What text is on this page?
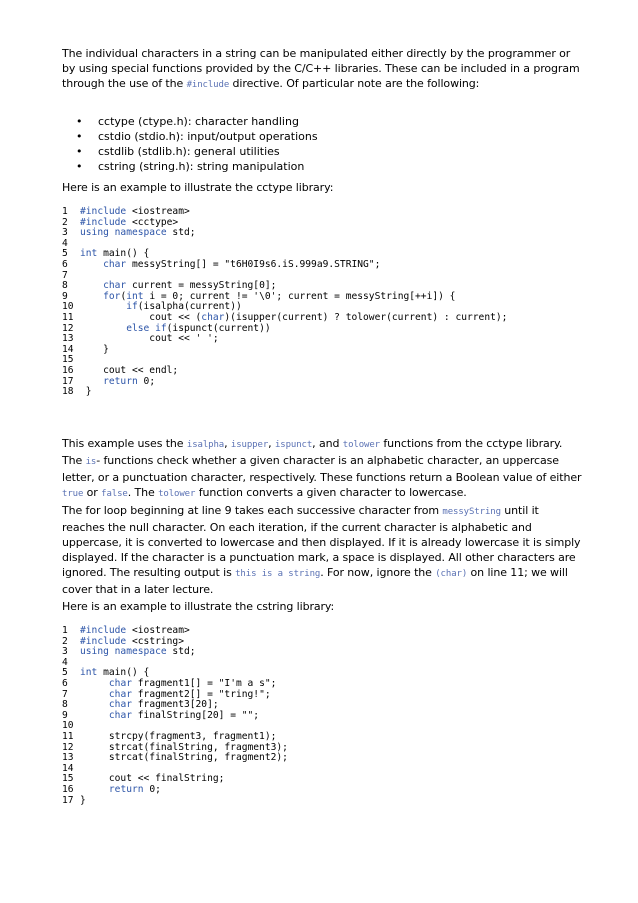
The individual characters in a string can be manipulated either directly by the programmer or by using special functions provided by the C/C++ libraries. These can be included in a program through the use of the #include directive. Of particular note are the following:

• cctype (ctype.h): character handling
• cstdio (stdio.h): input/output operations
• cstdlib (stdlib.h): general utilities
• cstring (string.h): string manipulation
Here is an example to illustrate the cctype library:
1 #include <iostream>
2 #include <cctype>
3 using namespace std;
4
5 int main() {
6	char messyString[] = "t6H0I9s6.iS.999a9.STRING";
7
8	char current = messyString[0];
9	for(int i = 0; current != '\0'; current = messyString[++i]) {
10	if(isalpha(current))
11            cout << (char)(isupper(current) ? tolower(current) : current);
12	else if(ispunct(current))
13            cout << ' ';
14    }
15
16    cout << endl;
17	return 0;
18 }

This example uses the isalpha, isupper, ispunct, and tolower functions from the cctype library. The is- functions check whether a given character is an alphabetic character, an uppercase letter, or a punctuation character, respectively. These functions return a Boolean value of either true or false. The tolower function converts a given character to lowercase.

The for loop beginning at line 9 takes each successive character from messyString until it reaches the null character. On each iteration, if the current character is alphabetic and uppercase, it is converted to lowercase and then displayed. If it is already lowercase it is simply displayed. If the character is a punctuation mark, a space is displayed. All other characters are ignored. The resulting output is this is a string. For now, ignore the (char) on line 11; we will cover that in a later lecture.

Here is an example to illustrate the cstring library:
1 #include <iostream>
2 #include <cstring>
3 using namespace std;
4
5 int main() {
6	char fragment1[] = "I'm a s";
7	char fragment2[] = "tring!";
8	char fragment3[20];
9	char finalString[20] = "";
10
11     strcpy(fragment3, fragment1);
12     strcat(finalString, fragment3);
13     strcat(finalString, fragment2);
14
15     cout << finalString;
16	return 0;
17 }
